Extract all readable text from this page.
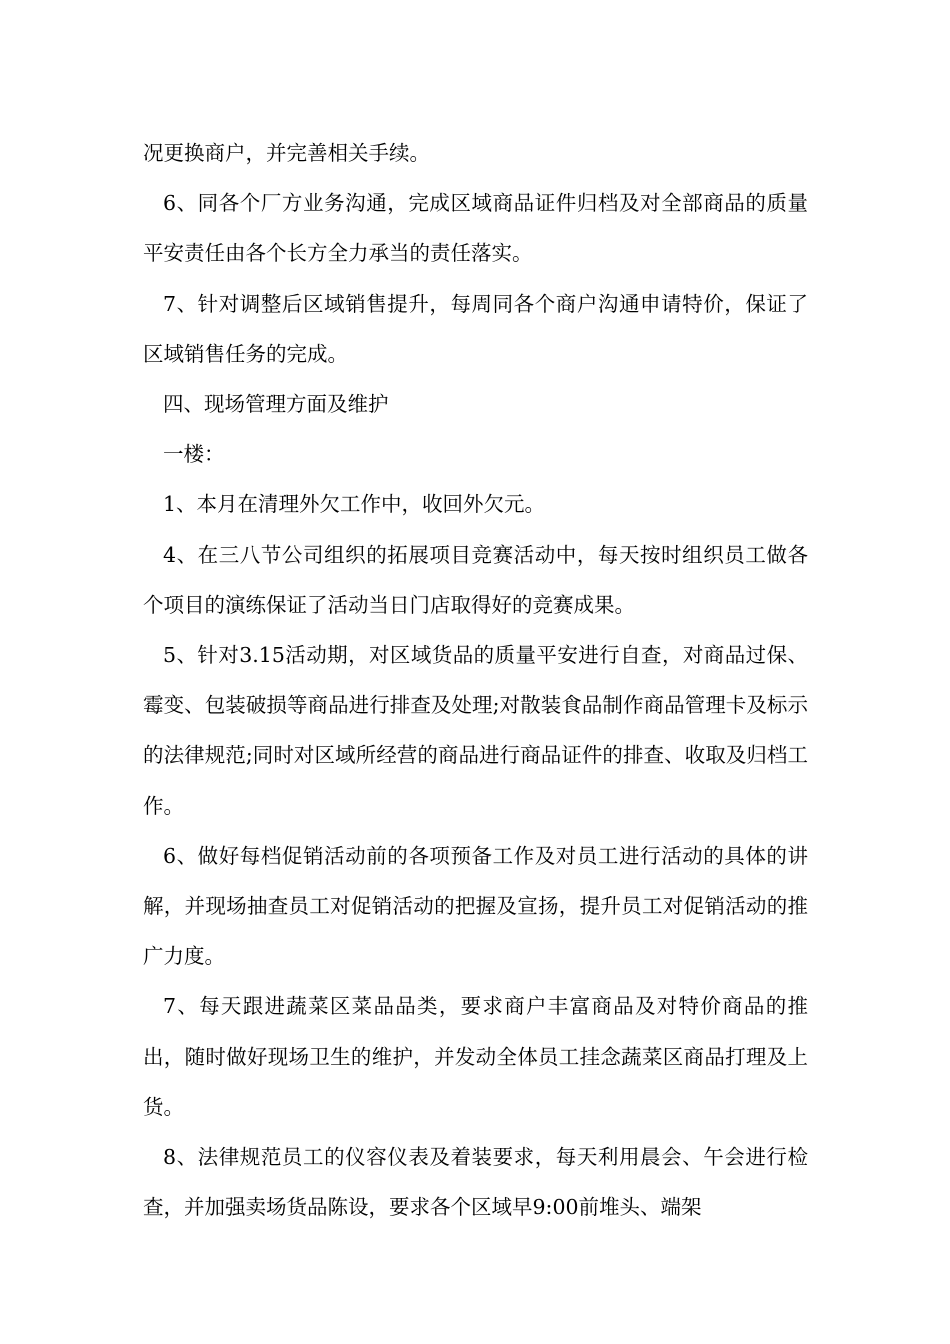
况更换商户，并完善相关手续。

6、同各个厂方业务沟通，完成区域商品证件归档及对全部商品的质量平安责任由各个长方全力承当的责任落实。

7、针对调整后区域销售提升，每周同各个商户沟通申请特价，保证了区域销售任务的完成。

四、现场管理方面及维护

一楼：

1、本月在清理外欠工作中，收回外欠元。

4、在三八节公司组织的拓展项目竞赛活动中，每天按时组织员工做各个项目的演练保证了活动当日门店取得好的竞赛成果。

5、针对3.15活动期，对区域货品的质量平安进行自查，对商品过保、霉变、包装破损等商品进行排查及处理;对散装食品制作商品管理卡及标示的法律规范;同时对区域所经营的商品进行商品证件的排查、收取及归档工作。

6、做好每档促销活动前的各项预备工作及对员工进行活动的具体的讲解，并现场抽查员工对促销活动的把握及宣扬，提升员工对促销活动的推广力度。

7、每天跟进蔬菜区菜品品类，要求商户丰富商品及对特价商品的推出，随时做好现场卫生的维护，并发动全体员工挂念蔬菜区商品打理及上货。

8、法律规范员工的仪容仪表及着装要求，每天利用晨会、午会进行检查，并加强卖场货品陈设，要求各个区域早9:00前堆头、端架
